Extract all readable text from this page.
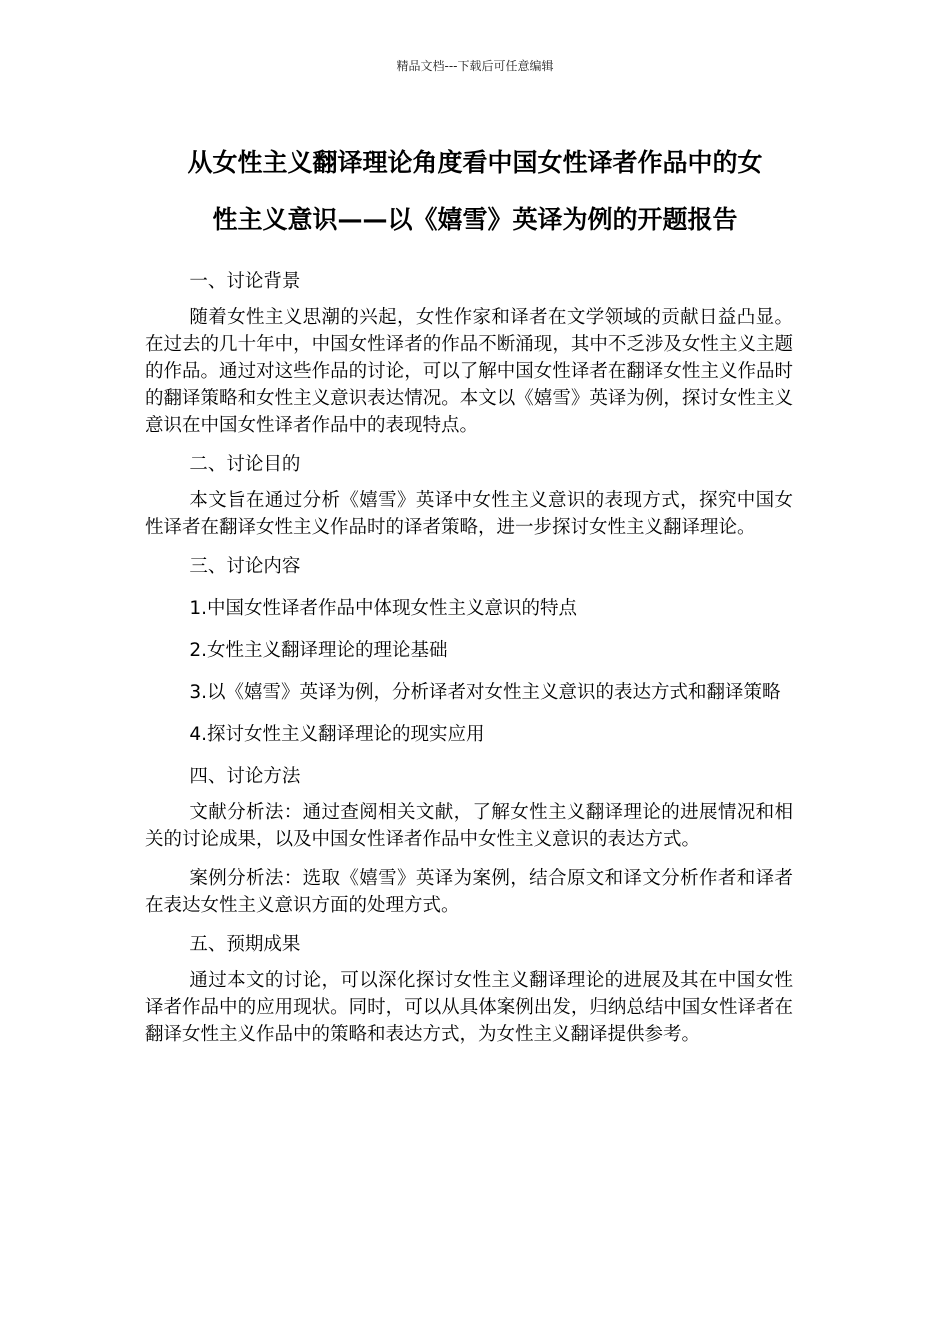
精品文档---下载后可任意编辑
从女性主义翻译理论角度看中国女性译者作品中的女
性主义意识——以《嬉雪》英译为例的开题报告

一、讨论背景

随着女性主义思潮的兴起，女性作家和译者在文学领域的贡献日益凸显。在过去的几十年中，中国女性译者的作品不断涌现，其中不乏涉及女性主义主题的作品。通过对这些作品的讨论，可以了解中国女性译者在翻译女性主义作品时的翻译策略和女性主义意识表达情况。本文以《嬉雪》英译为例，探讨女性主义意识在中国女性译者作品中的表现特点。

二、讨论目的

本文旨在通过分析《嬉雪》英译中女性主义意识的表现方式，探究中国女性译者在翻译女性主义作品时的译者策略，进一步探讨女性主义翻译理论。

三、讨论内容

1.中国女性译者作品中体现女性主义意识的特点

2.女性主义翻译理论的理论基础

3.以《嬉雪》英译为例，分析译者对女性主义意识的表达方式和翻译策略

4.探讨女性主义翻译理论的现实应用

四、讨论方法

文献分析法：通过查阅相关文献，了解女性主义翻译理论的进展情况和相关的讨论成果，以及中国女性译者作品中女性主义意识的表达方式。

案例分析法：选取《嬉雪》英译为案例，结合原文和译文分析作者和译者在表达女性主义意识方面的处理方式。

五、预期成果

通过本文的讨论，可以深化探讨女性主义翻译理论的进展及其在中国女性译者作品中的应用现状。同时，可以从具体案例出发，归纳总结中国女性译者在翻译女性主义作品中的策略和表达方式，为女性主义翻译提供参考。
